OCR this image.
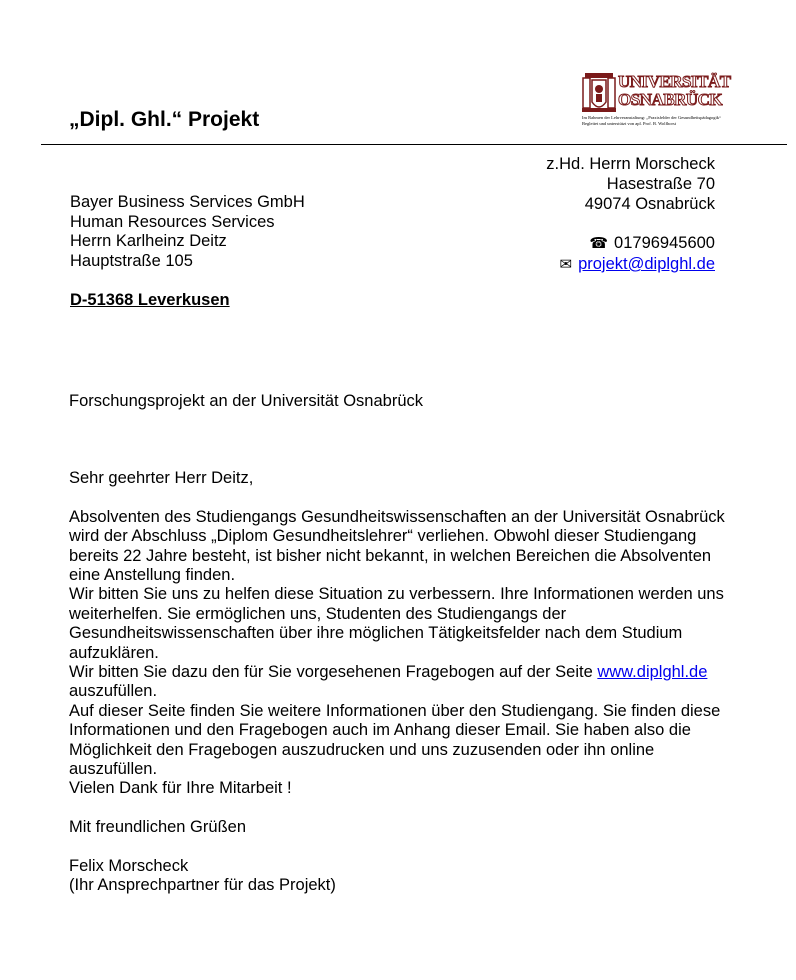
„Dipl. Ghl.“ Projekt
UNIVERSITÄT
OSNABRÜCK
Im Rahmen der Lehrveranstaltung: „Praxisfelder der Gesundheitspädagogik“
Begleitet und unterstützt von apl. Prof. B. Wolfhorst
z.Hd. Herrn Morscheck
Hasestraße 70
49074 Osnabrück
☎ 01796945600
✉ projekt@diplghl.de
Bayer Business Services GmbH
Human Resources Services
Herrn Karlheinz Deitz
Hauptstraße 105
D-51368 Leverkusen
Forschungsprojekt an der Universität Osnabrück

Sehr geehrter Herr Deitz,

Absolventen des Studiengangs Gesundheitswissenschaften an der Universität Osnabrück wird der Abschluss „Diplom Gesundheitslehrer“ verliehen. Obwohl dieser Studiengang bereits 22 Jahre besteht, ist bisher nicht bekannt, in welchen Bereichen die Absolventen eine Anstellung finden.

Wir bitten Sie uns zu helfen diese Situation zu verbessern. Ihre Informationen werden uns weiterhelfen. Sie ermöglichen uns, Studenten des Studiengangs der Gesundheitswissenschaften über ihre möglichen Tätigkeitsfelder nach dem Studium aufzuklären.

Wir bitten Sie dazu den für Sie vorgesehenen Fragebogen auf der Seite www.diplghl.de auszufüllen.

Auf dieser Seite finden Sie weitere Informationen über den Studiengang. Sie finden diese Informationen und den Fragebogen auch im Anhang dieser Email. Sie haben also die Möglichkeit den Fragebogen auszudrucken und uns zuzusenden oder ihn online auszufüllen.

Vielen Dank für Ihre Mitarbeit !

Mit freundlichen Grüßen

Felix Morscheck

(Ihr Ansprechpartner für das Projekt)
